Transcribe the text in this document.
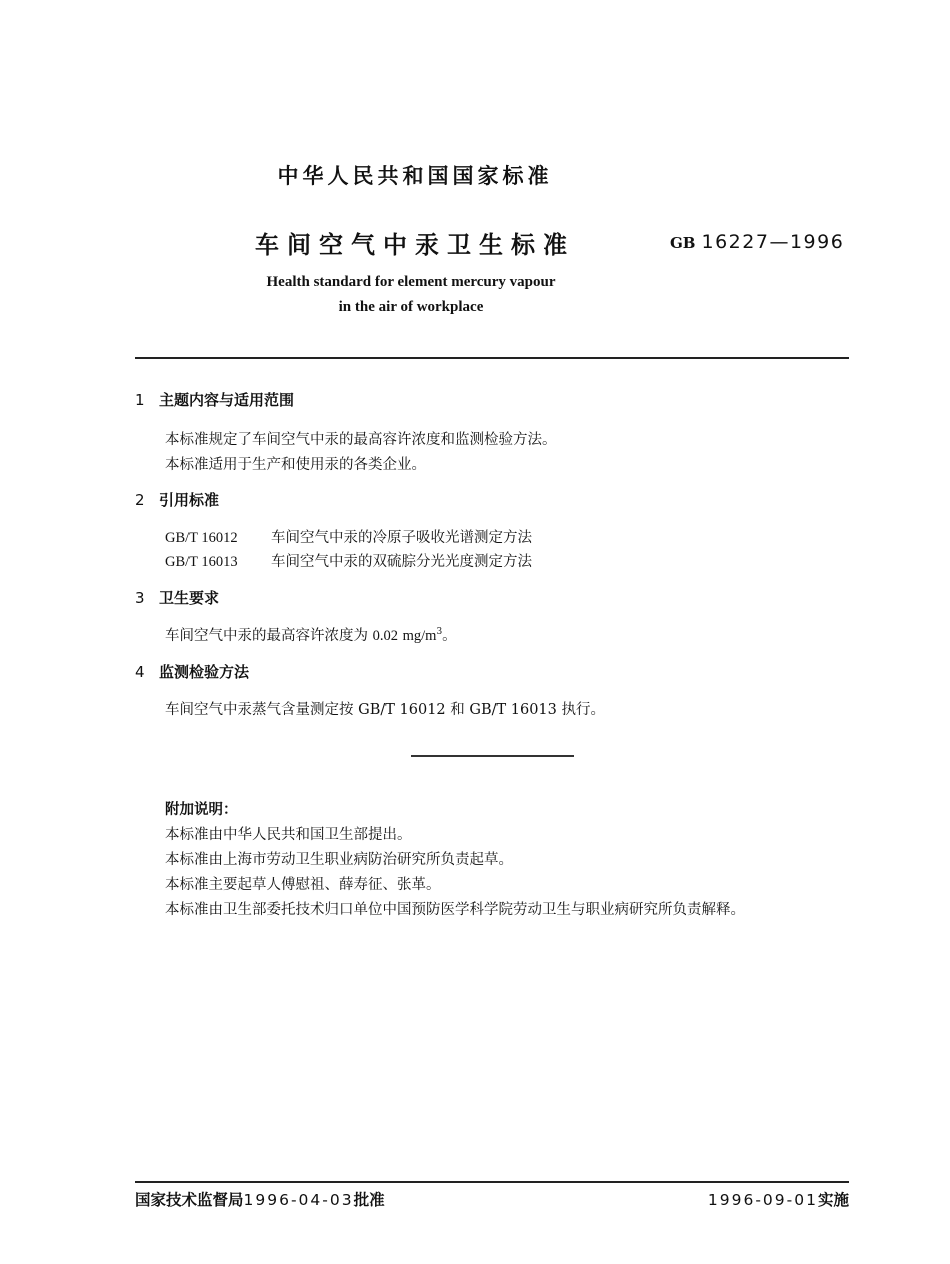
中华人民共和国国家标准
车间空气中汞卫生标准	GB 16227—1996
Health standard for element mercury vapour
in the air of workplace
1 主题内容与适用范围
本标准规定了车间空气中汞的最高容许浓度和监测检验方法。
本标准适用于生产和使用汞的各类企业。
2 引用标准
GB/T 16012 车间空气中汞的冷原子吸收光谱测定方法
GB/T 16013 车间空气中汞的双硫腙分光光度测定方法
3 卫生要求
车间空气中汞的最高容许浓度为 0.02 $mg/m^3$。
4 监测检验方法
车间空气中汞蒸气含量测定按 GB/T 16012 和 GB/T 16013 执行。
附加说明：
本标准由中华人民共和国卫生部提出。
本标准由上海市劳动卫生职业病防治研究所负责起草。
本标准主要起草人傅慰祖、薛寿征、张革。
本标准由卫生部委托技术归口单位中国预防医学科学院劳动卫生与职业病研究所负责解释。
国家技术监督局1996-04-03批准	1996-09-01实施
